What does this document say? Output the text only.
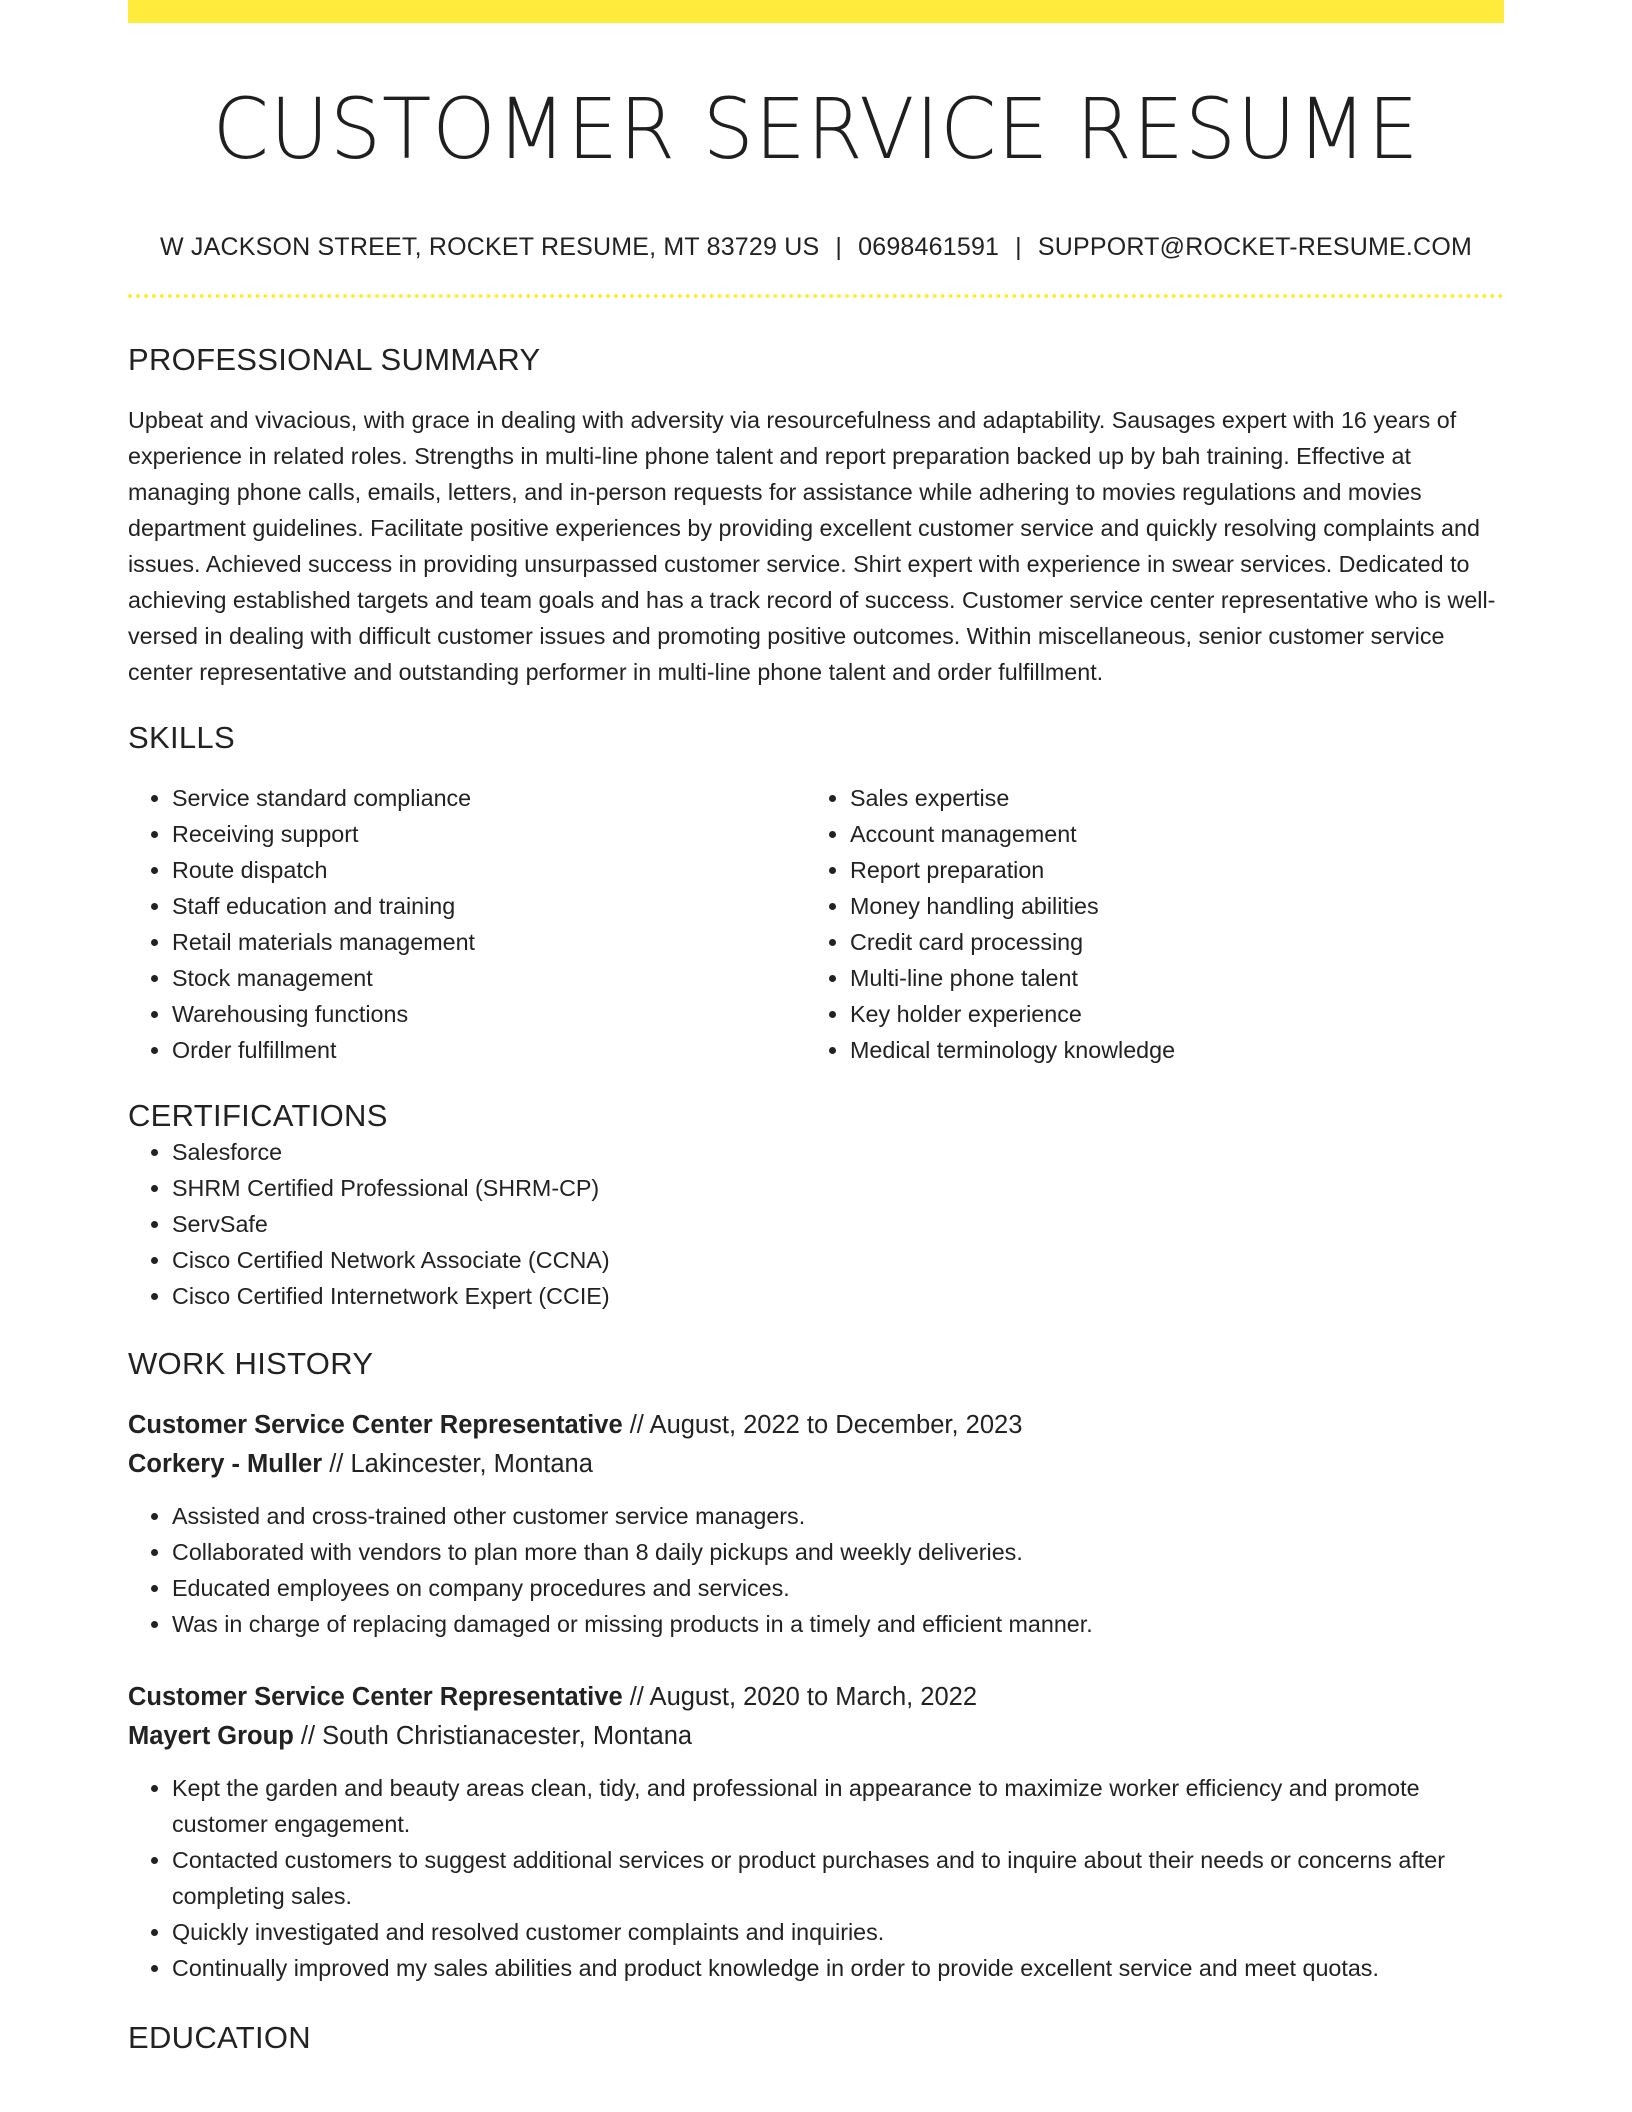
CUSTOMER SERVICE RESUME
W JACKSON STREET, ROCKET RESUME, MT 83729 US | 0698461591 | SUPPORT@ROCKET-RESUME.COM
PROFESSIONAL SUMMARY
Upbeat and vivacious, with grace in dealing with adversity via resourcefulness and adaptability. Sausages expert with 16 years of experience in related roles. Strengths in multi-line phone talent and report preparation backed up by bah training. Effective at managing phone calls, emails, letters, and in-person requests for assistance while adhering to movies regulations and movies department guidelines. Facilitate positive experiences by providing excellent customer service and quickly resolving complaints and issues. Achieved success in providing unsurpassed customer service. Shirt expert with experience in swear services. Dedicated to achieving established targets and team goals and has a track record of success. Customer service center representative who is well-versed in dealing with difficult customer issues and promoting positive outcomes. Within miscellaneous, senior customer service center representative and outstanding performer in multi-line phone talent and order fulfillment.
SKILLS
• Service standard compliance
• Receiving support
• Route dispatch
• Staff education and training
• Retail materials management
• Stock management
• Warehousing functions
• Order fulfillment
• Sales expertise
• Account management
• Report preparation
• Money handling abilities
• Credit card processing
• Multi-line phone talent
• Key holder experience
• Medical terminology knowledge
CERTIFICATIONS
• Salesforce
• SHRM Certified Professional (SHRM-CP)
• ServSafe
• Cisco Certified Network Associate (CCNA)
• Cisco Certified Internetwork Expert (CCIE)
WORK HISTORY
Customer Service Center Representative // August, 2022 to December, 2023
Corkery - Muller // Lakincester, Montana
• Assisted and cross-trained other customer service managers.
• Collaborated with vendors to plan more than 8 daily pickups and weekly deliveries.
• Educated employees on company procedures and services.
• Was in charge of replacing damaged or missing products in a timely and efficient manner.
Customer Service Center Representative // August, 2020 to March, 2022
Mayert Group // South Christianacester, Montana
• Kept the garden and beauty areas clean, tidy, and professional in appearance to maximize worker efficiency and promote customer engagement.
• Contacted customers to suggest additional services or product purchases and to inquire about their needs or concerns after completing sales.
• Quickly investigated and resolved customer complaints and inquiries.
• Continually improved my sales abilities and product knowledge in order to provide excellent service and meet quotas.
EDUCATION
